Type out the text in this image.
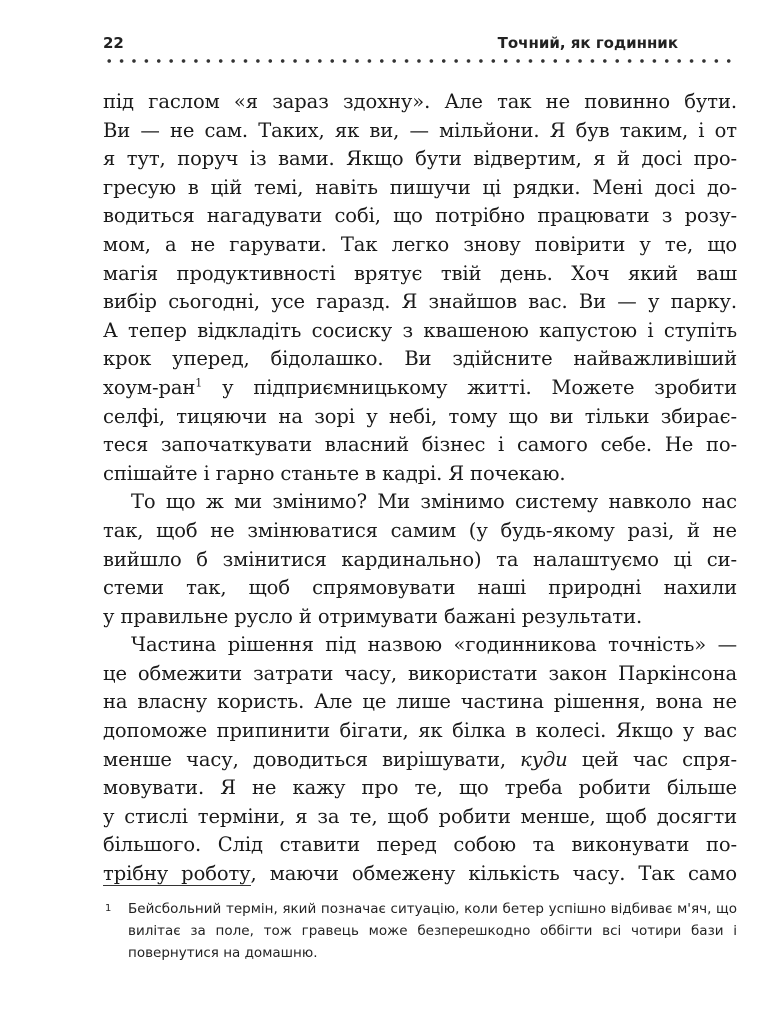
22	Точний, як годинник

під гаслом «я зараз здохну». Але так не повинно бути.
Ви — не сам. Таких, як ви, — мільйони. Я був таким, і от
я тут, поруч із вами. Якщо бути відвертим, я й досі про-
гресую в цій темі, навіть пишучи ці рядки. Мені досі до-
водиться нагадувати собі, що потрібно працювати з розу-
мом, а не гарувати. Так легко знову повірити у те, що
магія продуктивності врятує твій день. Хоч який ваш
вибір сьогодні, усе гаразд. Я знайшов вас. Ви — у парку.
А тепер відкладіть сосиску з квашеною капустою і ступіть
крок уперед, бідолашко. Ви здійсните найважливіший
хоум-ран$^1$ у підприємницькому житті. Можете зробити
селфі, тицяючи на зорі у небі, тому що ви тільки збирає-
теся започаткувати власний бізнес і самого себе. Не по-
спішайте і гарно станьте в кадрі. Я почекаю.

То що ж ми змінимо? Ми змінимо систему навколо нас
так, щоб не змінюватися самим (у будь-якому разі, й не
вийшло б змінитися кардинально) та налаштуємо ці си-
стеми так, щоб спрямовувати наші природні нахили
у правильне русло й отримувати бажані результати.

Частина рішення під назвою «годинникова точність» —
це обмежити затрати часу, використати закон Паркінсона
на власну користь. Але це лише частина рішення, вона не
допоможе припинити бігати, як білка в колесі. Якщо у вас
менше часу, доводиться вирішувати, куди цей час спря-
мовувати. Я не кажу про те, що треба робити більше
у стислі терміни, я за те, щоб робити менше, щоб досягти
більшого. Слід ставити перед собою та виконувати по-
трібну роботу, маючи обмежену кількість часу. Так само

1 Бейсбольний термін, який позначає ситуацію, коли бетер успішно відбиває м'яч, що вилітає за поле, тож гравець може безперешкодно оббігти всі чотири бази і повернутися на домашню.
